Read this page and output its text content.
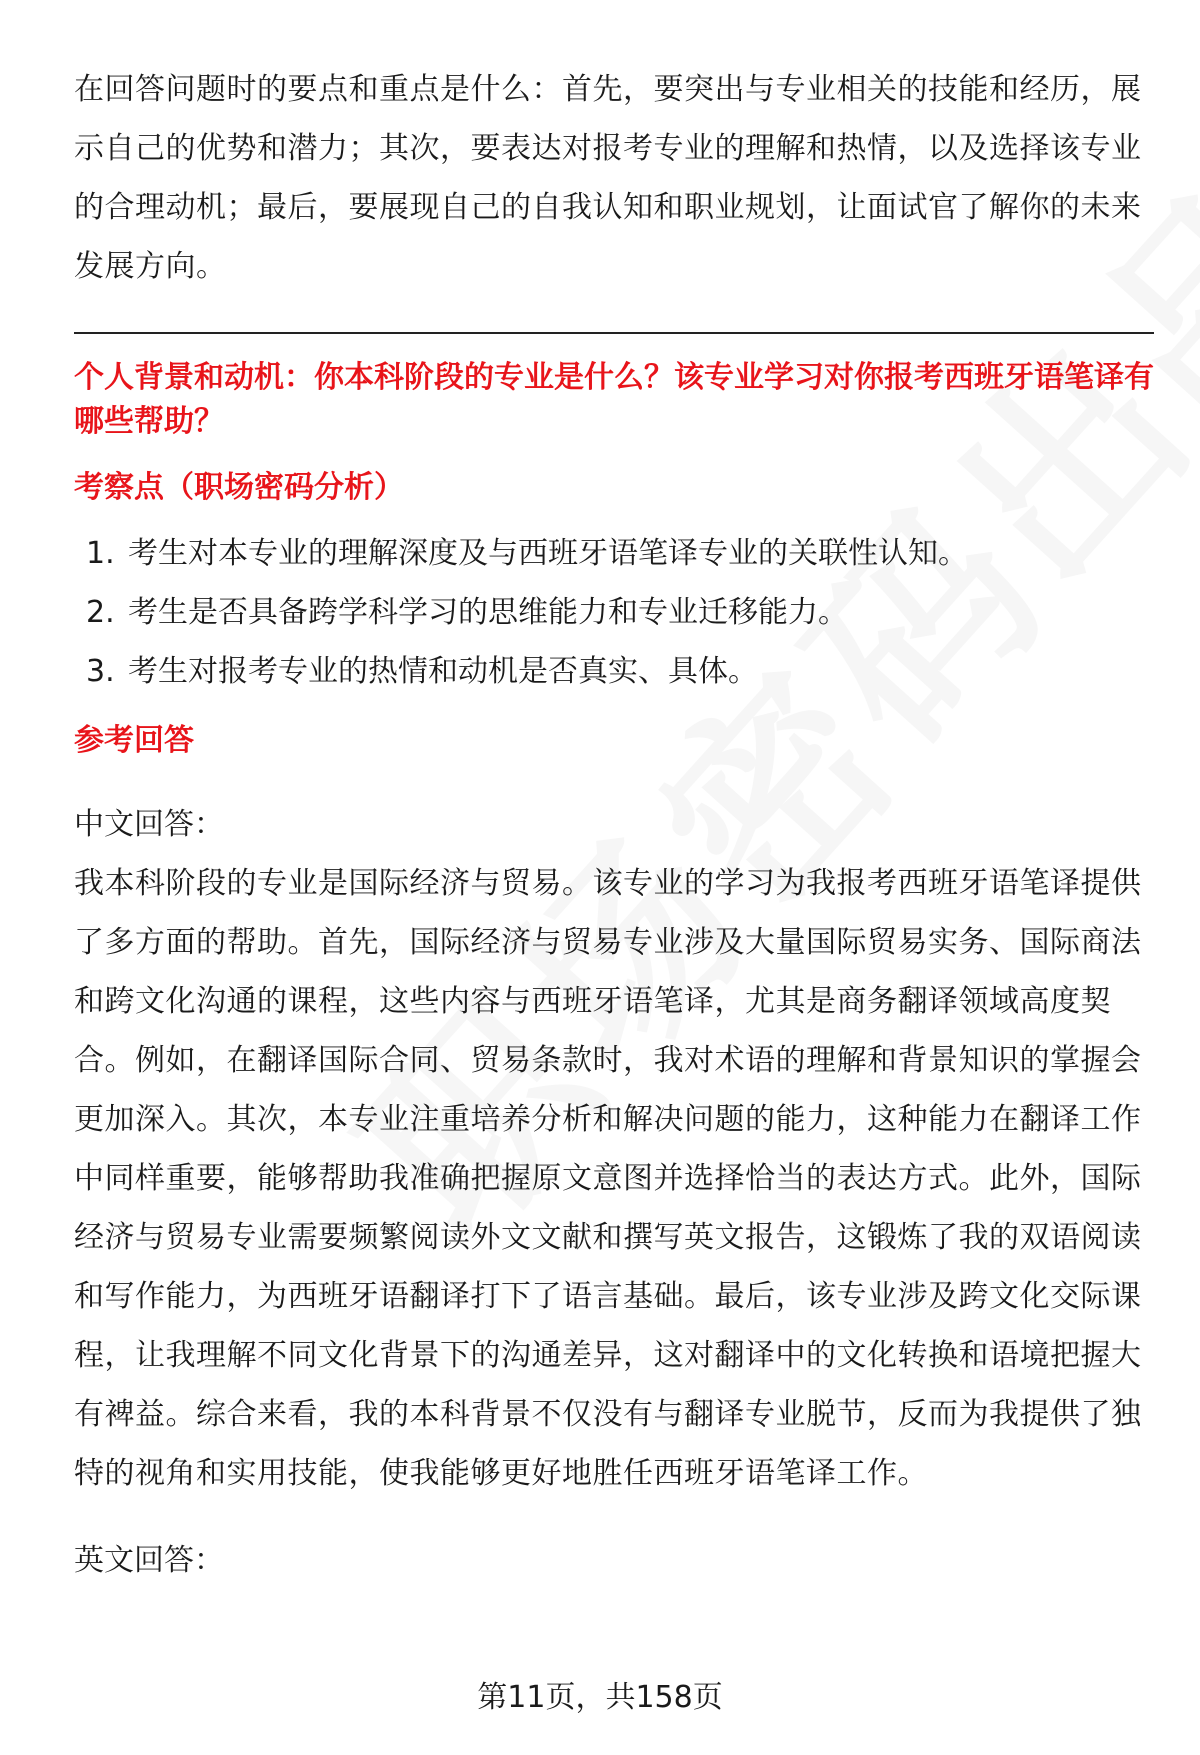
在回答问题时的要点和重点是什么：首先，要突出与专业相关的技能和经历，展示自己的优势和潜力；其次，要表达对报考专业的理解和热情，以及选择该专业的合理动机；最后，要展现自己的自我认知和职业规划，让面试官了解你的未来发展方向。

个人背景和动机：你本科阶段的专业是什么？该专业学习对你报考西班牙语笔译有哪些帮助？

考察点（职场密码分析）

1. 考生对本专业的理解深度及与西班牙语笔译专业的关联性认知。
2. 考生是否具备跨学科学习的思维能力和专业迁移能力。
3. 考生对报考专业的热情和动机是否真实、具体。

参考回答

中文回答：

我本科阶段的专业是国际经济与贸易。该专业的学习为我报考西班牙语笔译提供了多方面的帮助。首先，国际经济与贸易专业涉及大量国际贸易实务、国际商法和跨文化沟通的课程，这些内容与西班牙语笔译，尤其是商务翻译领域高度契合。例如，在翻译国际合同、贸易条款时，我对术语的理解和背景知识的掌握会更加深入。其次，本专业注重培养分析和解决问题的能力，这种能力在翻译工作中同样重要，能够帮助我准确把握原文意图并选择恰当的表达方式。此外，国际经济与贸易专业需要频繁阅读外文文献和撰写英文报告，这锻炼了我的双语阅读和写作能力，为西班牙语翻译打下了语言基础。最后，该专业涉及跨文化交际课程，让我理解不同文化背景下的沟通差异，这对翻译中的文化转换和语境把握大有裨益。综合来看，我的本科背景不仅没有与翻译专业脱节，反而为我提供了独特的视角和实用技能，使我能够更好地胜任西班牙语笔译工作。

英文回答：

第11页，共158页
